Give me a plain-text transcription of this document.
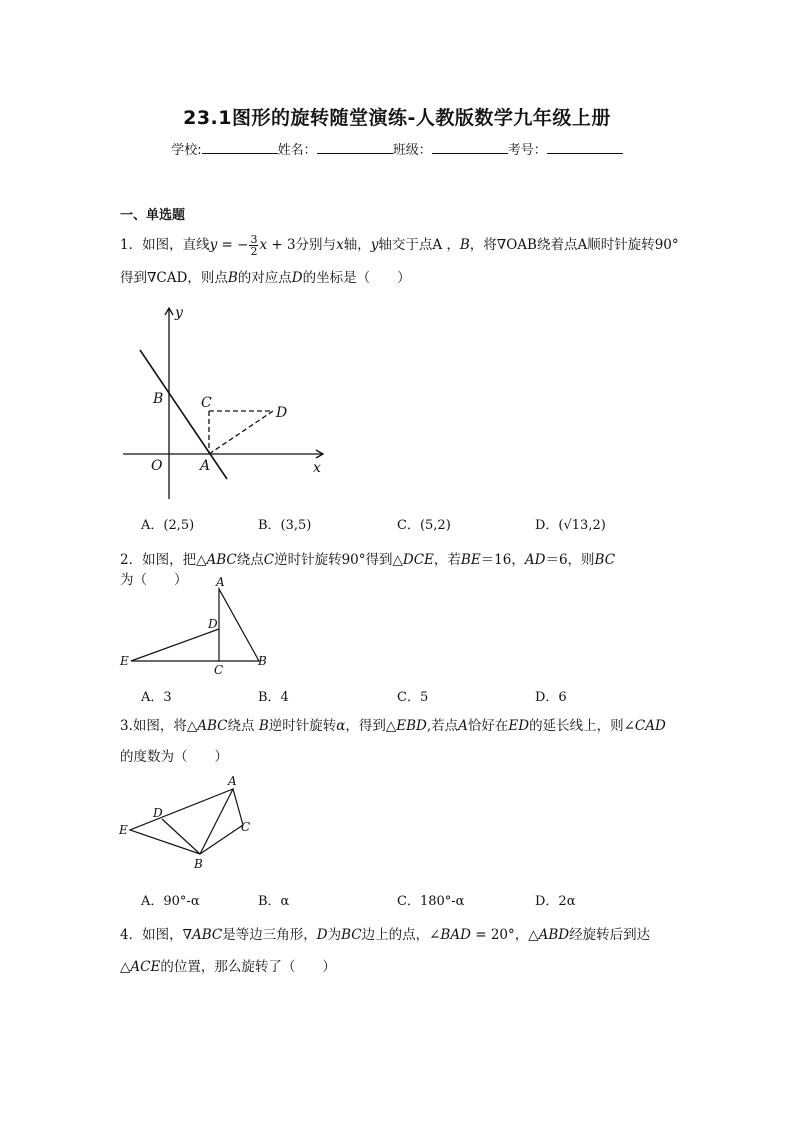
23.1图形的旋转随堂演练-人教版数学九年级上册
学校:	姓名：	班级：	考号：
一、单选题
1．如图，直线y = − $\frac{3}{2}$ x + 3分别与x轴，y轴交于点A ，B，将∇OAB绕着点A顺时针旋转90°
得到∇CAD，则点B的对应点D的坐标是（　　）
y
x
O	A
B	C
D
A．(2,5)	B．(3,5)	C．(5,2)	D．(√13,2)
2．如图，把△ABC绕点C逆时针旋转90°得到△DCE，若BE＝16，AD＝6，则BC为（　　）	A
D
E
C
B
A．3	B．4	C．5	D．6
3.如图，将△ABC绕点 B逆时针旋转α，得到△EBD,若点A恰好在ED的延长线上，则∠CAD
的度数为（　　）
A
D
E	C
B
A．90°-α	B．α	C．180°-α	D．2α
4．如图，∇ABC是等边三角形，D为BC边上的点，∠BAD = 20°，△ABD经旋转后到达
△ACE的位置，那么旋转了（　　）
